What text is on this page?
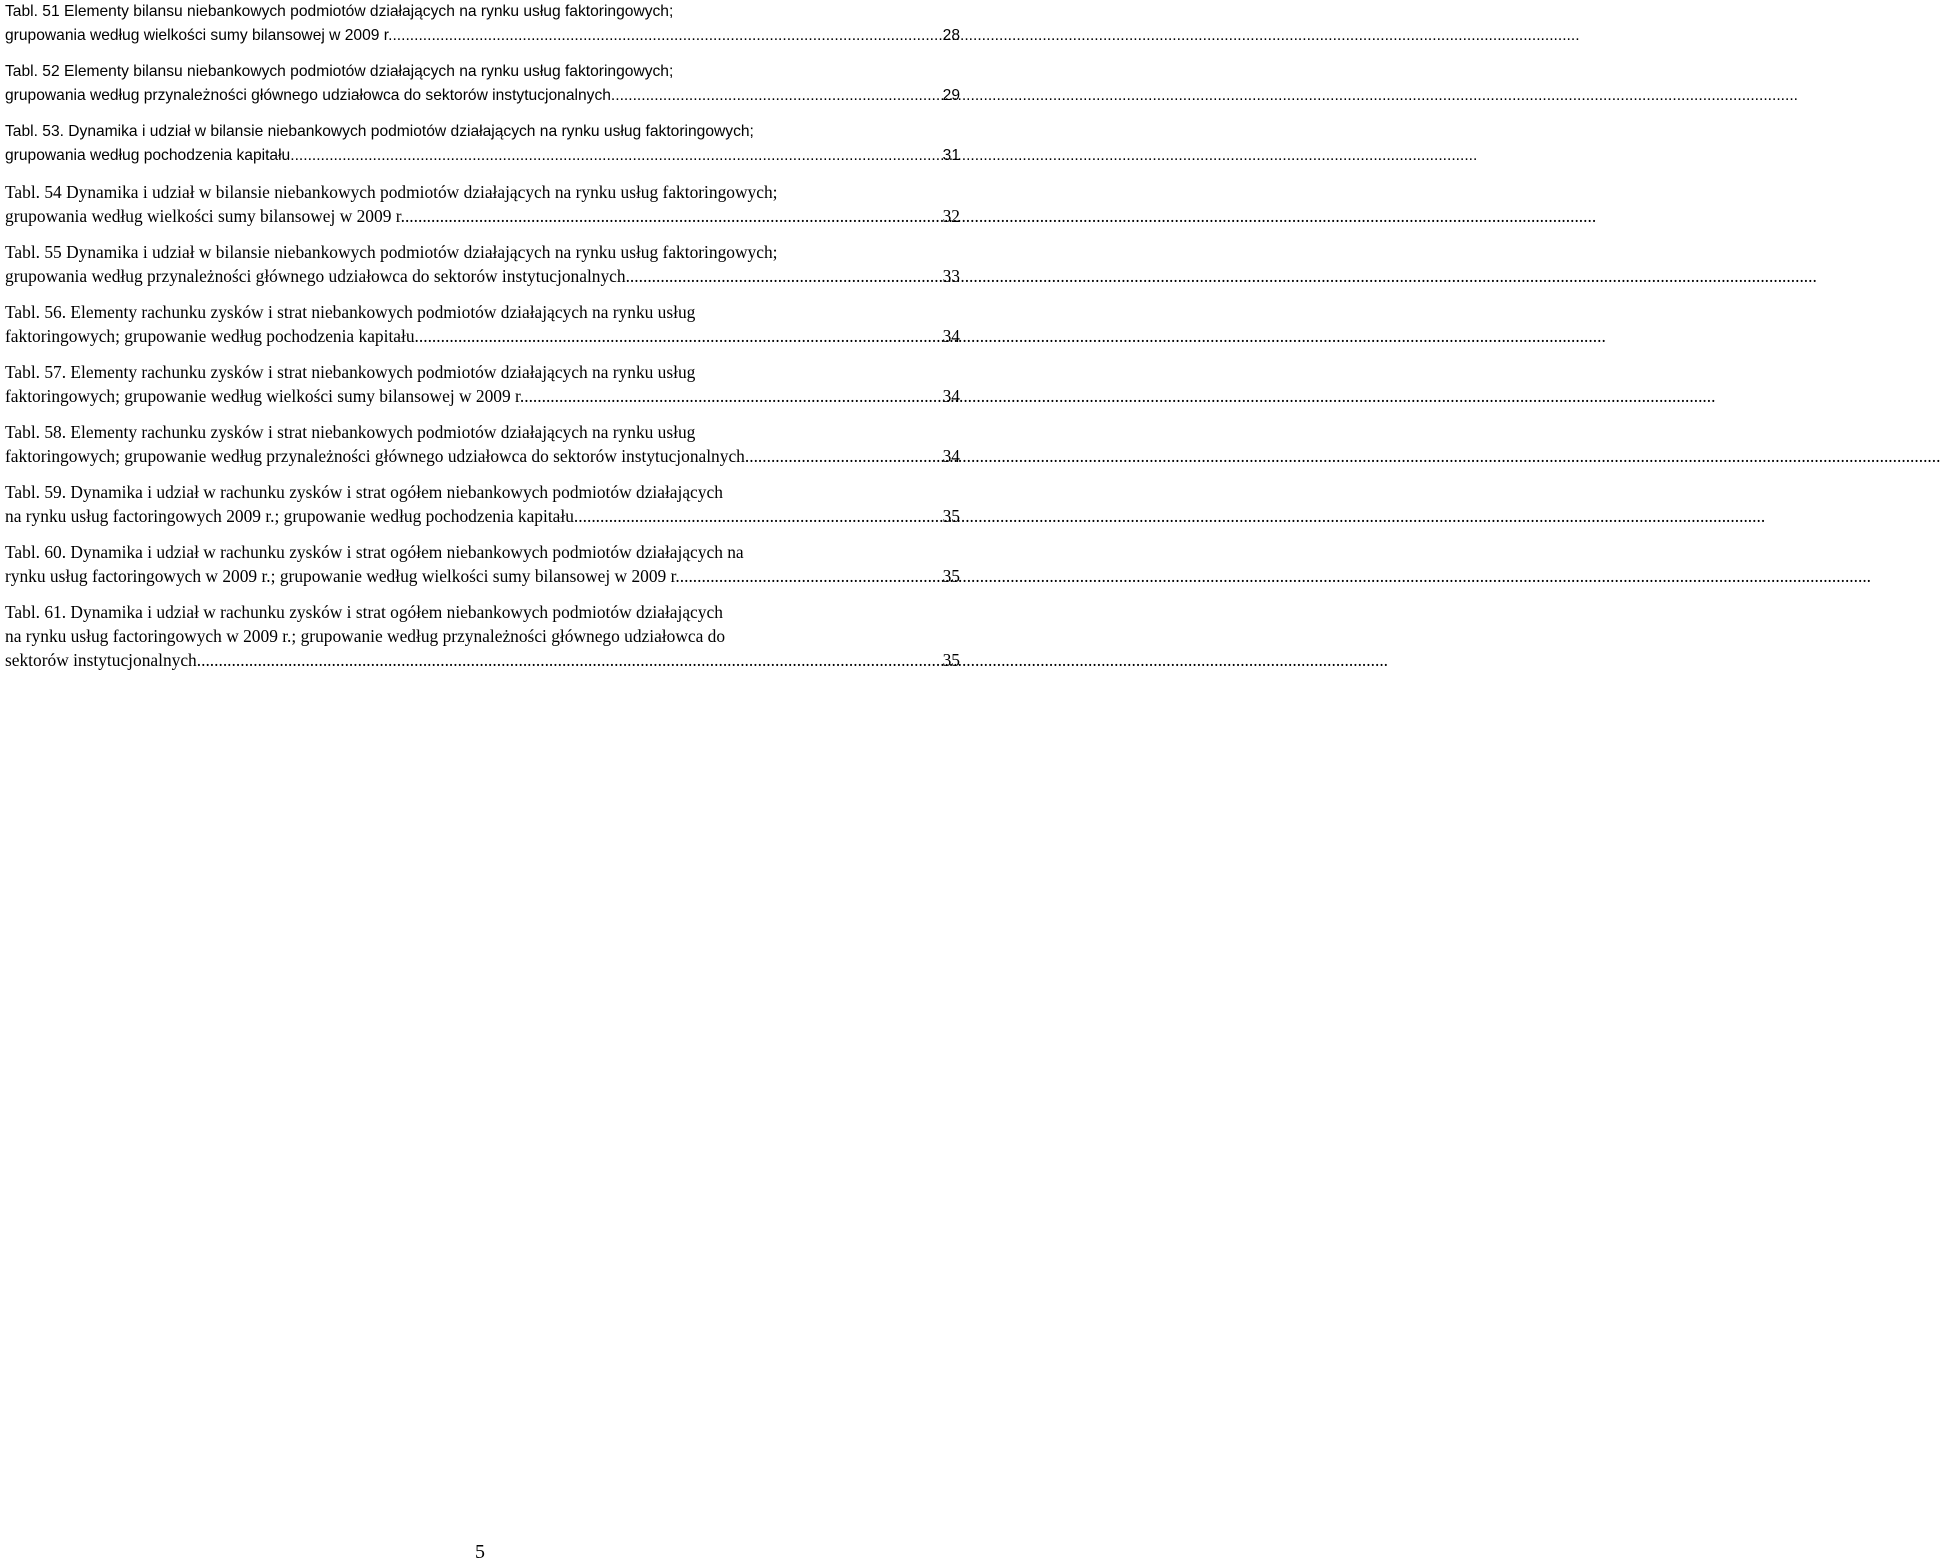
Tabl. 51 Elementy bilansu niebankowych podmiotów działających na rynku usług faktoringowych;
grupowania według wielkości sumy bilansowej w 2009 r. .....	28
Tabl. 52 Elementy bilansu niebankowych podmiotów działających na rynku usług faktoringowych;
grupowania według przynależności głównego udziałowca do sektorów instytucjonalnych .....	29
Tabl. 53. Dynamika i udział w bilansie niebankowych podmiotów działających na rynku usług faktoringowych;
grupowania według pochodzenia kapitału .....	31
Tabl. 54 Dynamika i udział w bilansie niebankowych podmiotów działających na rynku usług faktoringowych;
grupowania według wielkości sumy bilansowej w 2009 r. .....	32
Tabl. 55 Dynamika i udział w bilansie niebankowych podmiotów działających na rynku usług faktoringowych;
grupowania według przynależności głównego udziałowca do sektorów instytucjonalnych .....	33
Tabl. 56. Elementy rachunku zysków i strat niebankowych podmiotów działających na rynku usług
faktoringowych; grupowanie według pochodzenia kapitału .....	34
Tabl. 57. Elementy rachunku zysków i strat niebankowych podmiotów działających na rynku usług
faktoringowych; grupowanie według wielkości sumy bilansowej w 2009 r. .....	34
Tabl. 58. Elementy rachunku zysków i strat niebankowych podmiotów działających na rynku usług
faktoringowych; grupowanie według przynależności głównego udziałowca do sektorów instytucjonalnych. .....	34
Tabl. 59. Dynamika i udział w rachunku zysków i strat ogółem niebankowych podmiotów działających
na rynku usług factoringowych 2009 r.; grupowanie według pochodzenia kapitału .....	35
Tabl. 60. Dynamika i udział w rachunku zysków i strat ogółem niebankowych podmiotów działających na
rynku usług factoringowych w 2009 r.; grupowanie według wielkości sumy bilansowej w 2009 r. .....	35
Tabl. 61. Dynamika i udział w rachunku zysków i strat ogółem niebankowych podmiotów działających
na rynku usług factoringowych w 2009 r.; grupowanie według przynależności głównego udziałowca do
sektorów instytucjonalnych .....	35
5
